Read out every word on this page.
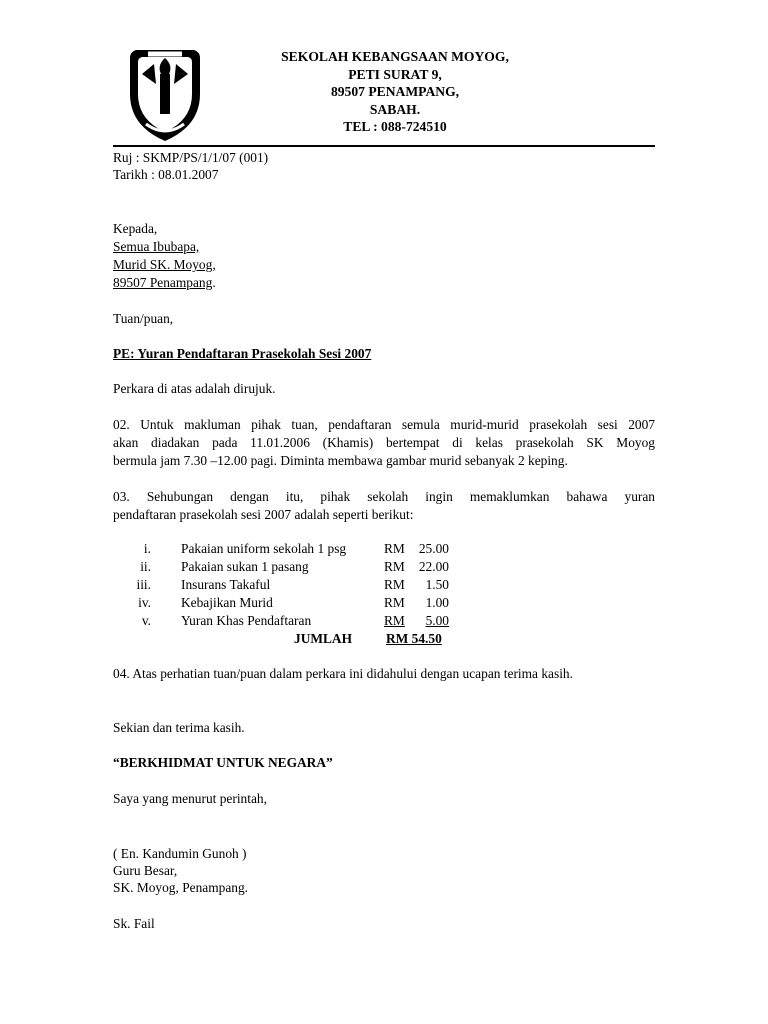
SEKOLAH KEBANGSAAN MOYOG,
PETI SURAT 9,
89507 PENAMPANG,
SABAH.
TEL : 088-724510
Ruj : SKMP/PS/1/1/07 (001)
Tarikh : 08.01.2007
Kepada,
Semua Ibubapa,
Murid SK. Moyog,
89507 Penampang.
Tuan/puan,
PE: Yuran Pendaftaran Prasekolah Sesi 2007
Perkara di atas adalah dirujuk.
02. Untuk makluman pihak tuan, pendaftaran semula murid-murid prasekolah sesi 2007
akan diadakan pada 11.01.2006 (Khamis) bertempat di kelas prasekolah SK Moyog
bermula jam 7.30 –12.00 pagi. Diminta membawa gambar murid sebanyak 2 keping.
03. Sehubungan dengan itu, pihak sekolah ingin memaklumkan bahawa yuran
pendaftaran prasekolah sesi 2007 adalah seperti berikut:
i. Pakaian uniform sekolah 1 psg	RM	25.00
ii. Pakaian sukan 1 pasang	RM	22.00
iii. Insurans Takaful	RM	1.50
iv. Kebajikan Murid	RM	1.00
v. Yuran Khas Pendaftaran	RM	5.00
JUMLAH	RM 54.50
04. Atas perhatian tuan/puan dalam perkara ini didahului dengan ucapan terima kasih.
Sekian dan terima kasih.
“BERKHIDMAT UNTUK NEGARA”
Saya yang menurut perintah,
( En. Kandumin Gunoh )
Guru Besar,
SK. Moyog, Penampang.
Sk. Fail
